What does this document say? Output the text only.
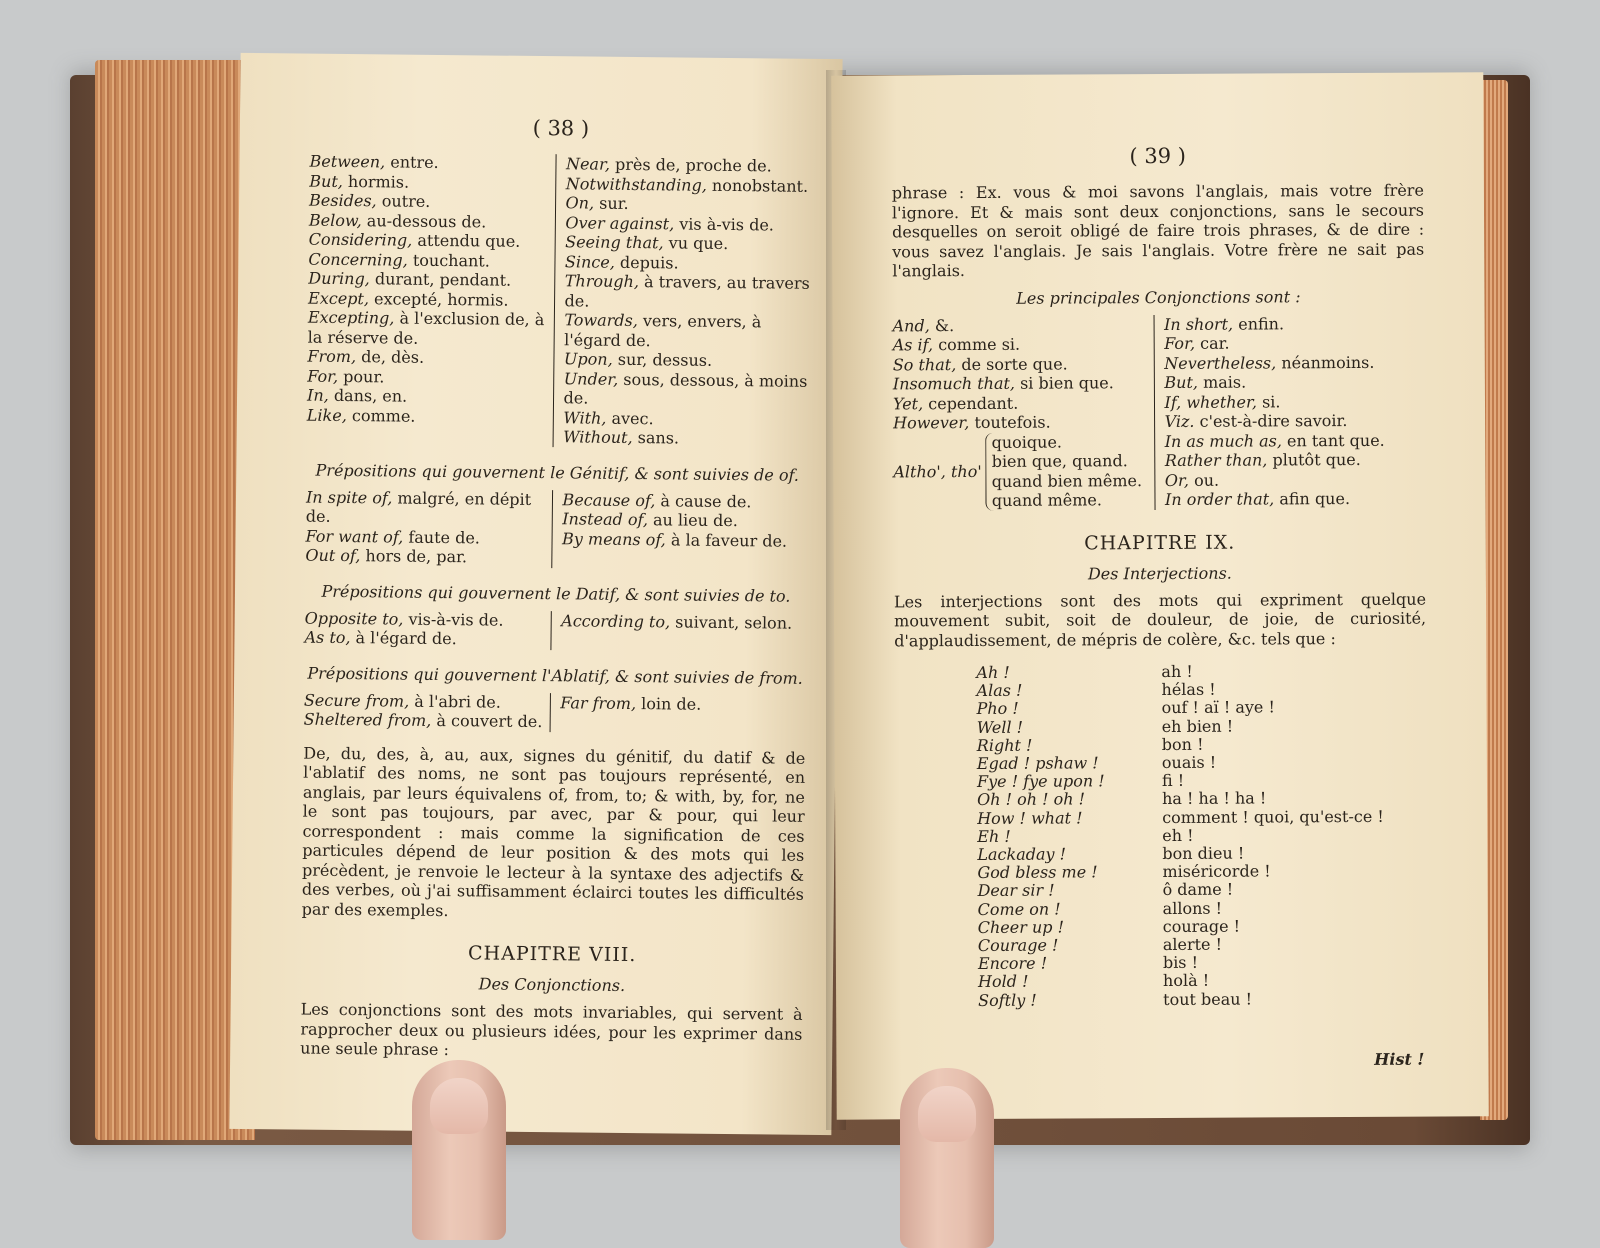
( 38 )
Between, entre.
But, hormis.
Besides, outre.
Below, au-dessous de.
Considering, attendu que.
Concerning, touchant.
During, durant, pendant.
Except, excepté, hormis.
Excepting, à l'exclusion de, à la réserve de.
From, de, dès.
For, pour.
In, dans, en.
Like, comme.
Near, près de, proche de.
Notwithstanding, nonobstant.
On, sur.
Over against, vis à-vis de.
Seeing that, vu que.
Since, depuis.
Through, à travers, au travers de.
Towards, vers, envers, à l'égard de.
Upon, sur, dessus.
Under, sous, dessous, à moins de.
With, avec.
Without, sans.
Prépositions qui gouvernent le Génitif, & sont suivies de of.
In spite of, malgré, en dépit de.
For want of, faute de.
Out of, hors de, par.
Because of, à cause de.
Instead of, au lieu de.
By means of, à la faveur de.
Prépositions qui gouvernent le Datif, & sont suivies de to.
Opposite to, vis-à-vis de.
As to, à l'égard de.
According to, suivant, selon.
Prépositions qui gouvernent l'Ablatif, & sont suivies de from.
Secure from, à l'abri de.
Sheltered from, à couvert de.
Far from, loin de.

De, du, des, à, au, aux, signes du génitif, du datif & de l'ablatif des noms, ne sont pas toujours représenté, en anglais, par leurs équivalens of, from, to; & with, by, for, ne le sont pas toujours, par avec, par & pour, qui leur correspondent : mais comme la signification de ces particules dépend de leur position & des mots qui les précèdent, je renvoie le lecteur à la syntaxe des adjectifs & des verbes, où j'ai suffisamment éclairci toutes les difficultés par des exemples.

CHAPITRE VIII.
Des Conjonctions.

Les conjonctions sont des mots invariables, qui servent à rapprocher deux ou plusieurs idées, pour les exprimer dans une seule phrase :

( 39 )

phrase : Ex. vous & moi savons l'anglais, mais votre frère l'ignore. Et & mais sont deux conjonctions, sans le secours desquelles on seroit obligé de faire trois phrases, & de dire : vous savez l'anglais. Je sais l'anglais. Votre frère ne sait pas l'anglais.

Les principales Conjonctions sont :
And, &.
As if, comme si.
So that, de sorte que.
Insomuch that, si bien que.
Yet, cependant.
However, toutefois.
Altho', tho'
quoique.
bien que, quand.
quand bien même.
quand même.
In short, enfin.
For, car.
Nevertheless, néanmoins.
But, mais.
If, whether, si.
Viz. c'est-à-dire savoir.
In as much as, en tant que.
Rather than, plutôt que.
Or, ou.
In order that, afin que.
CHAPITRE IX.
Des Interjections.

Les interjections sont des mots qui expriment quelque mouvement subit, soit de douleur, de joie, de curiosité, d'applaudissement, de mépris de colère, &c. tels que :

Ah !
Alas !
Pho !
Well !
Right !
Egad ! pshaw !
Fye ! fye upon !
Oh ! oh ! oh !
How ! what !
Eh !
Lackaday !
God bless me !
Dear sir !
Come on !
Cheer up !
Courage !
Encore !
Hold !
Softly !
ah !
hélas !
ouf ! aï ! aye !
eh bien !
bon !
ouais !
fi !
ha ! ha ! ha !
comment ! quoi, qu'est-ce !
eh !
bon dieu !
miséricorde !
ô dame !
allons !
courage !
alerte !
bis !
holà !
tout beau !
Hist !
